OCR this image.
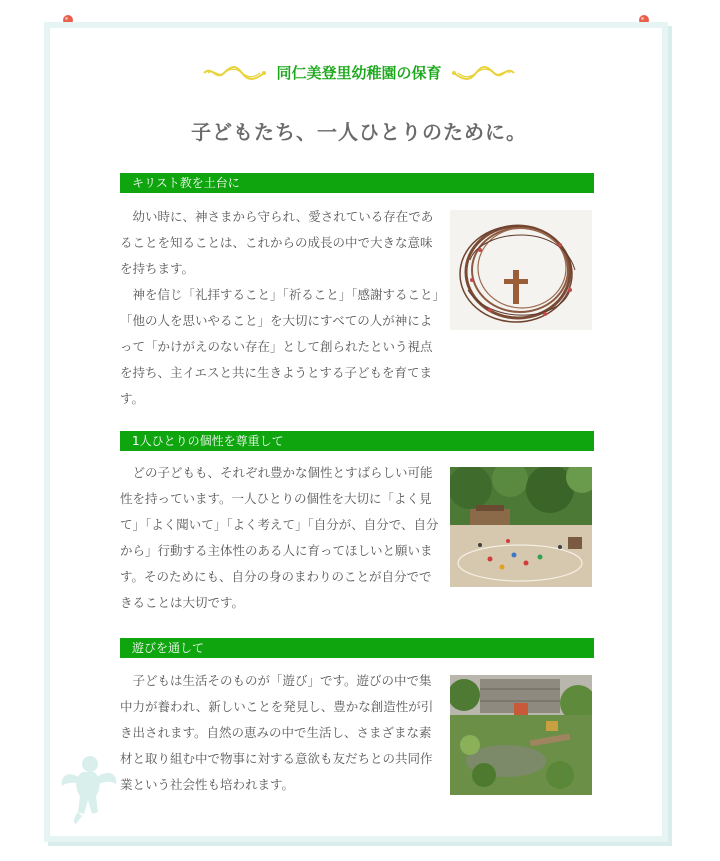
同仁美登里幼稚園の保育
子どもたち、一人ひとりのために。
キリスト教を土台に

幼い時に、神さまから守られ、愛されている存在であることを知ることは、これからの成長の中で大きな意味を持ちます。

神を信じ「礼拝すること」「祈ること」「感謝すること」「他の人を思いやること」を大切にすべての人が神によって「かけがえのない存在」として創られたという視点を持ち、主イエスと共に生きようとする子どもを育てます。

1人ひとりの個性を尊重して

どの子どもも、それぞれ豊かな個性とすばらしい可能性を持っています。一人ひとりの個性を大切に「よく見て」「よく聞いて」「よく考えて」「自分が、自分で、自分から」行動する主体性のある人に育ってほしいと願います。そのためにも、自分の身のまわりのことが自分でできることは大切です。

遊びを通して

子どもは生活そのものが「遊び」です。遊びの中で集中力が養われ、新しいことを発見し、豊かな創造性が引き出されます。自然の恵みの中で生活し、さまざまな素材と取り組む中で物事に対する意欲も友だちとの共同作業という社会性も培われます。
